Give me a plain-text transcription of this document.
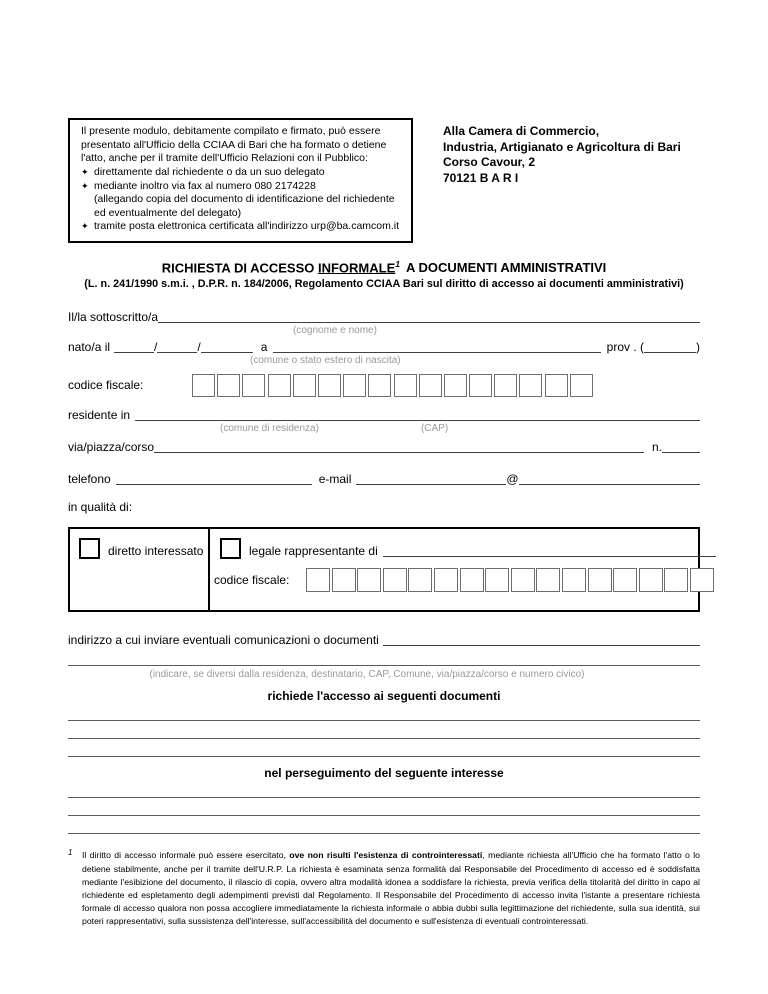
Il presente modulo, debitamente compilato e firmato, può essere presentato all'Ufficio della CCIAA di Bari che ha formato o detiene l'atto, anche per il tramite dell'Ufficio Relazioni con il Pubblico:
✦ direttamente dal richiedente o da un suo delegato
✦ mediante inoltro via fax al numero 080 2174228
(allegando copia del documento di identificazione del richiedente ed eventualmente del delegato)
✦ tramite posta elettronica certificata all'indirizzo urp@ba.camcom.it
Alla Camera di Commercio,
Industria, Artigianato e Agricoltura di Bari
Corso Cavour, 2
70121 B A R I
RICHIESTA DI ACCESSO INFORMALE$^1$ A DOCUMENTI AMMINISTRATIVI
(L. n. 241/1990 s.m.i. , D.P.R. n. 184/2006, Regolamento CCIAA Bari sul diritto di accesso ai documenti amministrativi)
Il/la sottoscritto/a
(cognome e nome)
nato/a il	/	/	a	prov . (	)
(comune o stato estero di nascita)
codice fiscale:
residente in
(comune di residenza)	(CAP)
via/piazza/corso	n.
telefono	e-mail	@
in qualità di:
diretto interessato	legale rappresentante di
codice fiscale:
indirizzo a cui inviare eventuali comunicazioni o documenti
(indicare, se diversi dalla residenza, destinatario, CAP, Comune, via/piazza/corso e numero civico)
richiede l'accesso ai seguenti documenti
nel perseguimento del seguente interesse
1 Il diritto di accesso informale può essere esercitato, ove non risulti l'esistenza di controinteressati, mediante richiesta all'Ufficio che ha formato l'atto o lo detiene stabilmente, anche per il tramite dell'U.R.P. La richiesta è esaminata senza formalità dal Responsabile del Procedimento di accesso ed è soddisfatta mediante l'esibizione del documento, il rilascio di copia, ovvero altra modalità idonea a soddisfare la richiesta, previa verifica della titolarità del diritto in capo al richiedente ed espletamento degli adempimenti previsti dal Regolamento. Il Responsabile del Procedimento di accesso invita l'istante a presentare richiesta formale di accesso qualora non possa accogliere immediatamente la richiesta informale o abbia dubbi sulla legittimazione del richiedente, sulla sua identità, sui poteri rappresentativi, sulla sussistenza dell'interesse, sull'accessibilità del documento e sull'esistenza di eventuali controinteressati.
